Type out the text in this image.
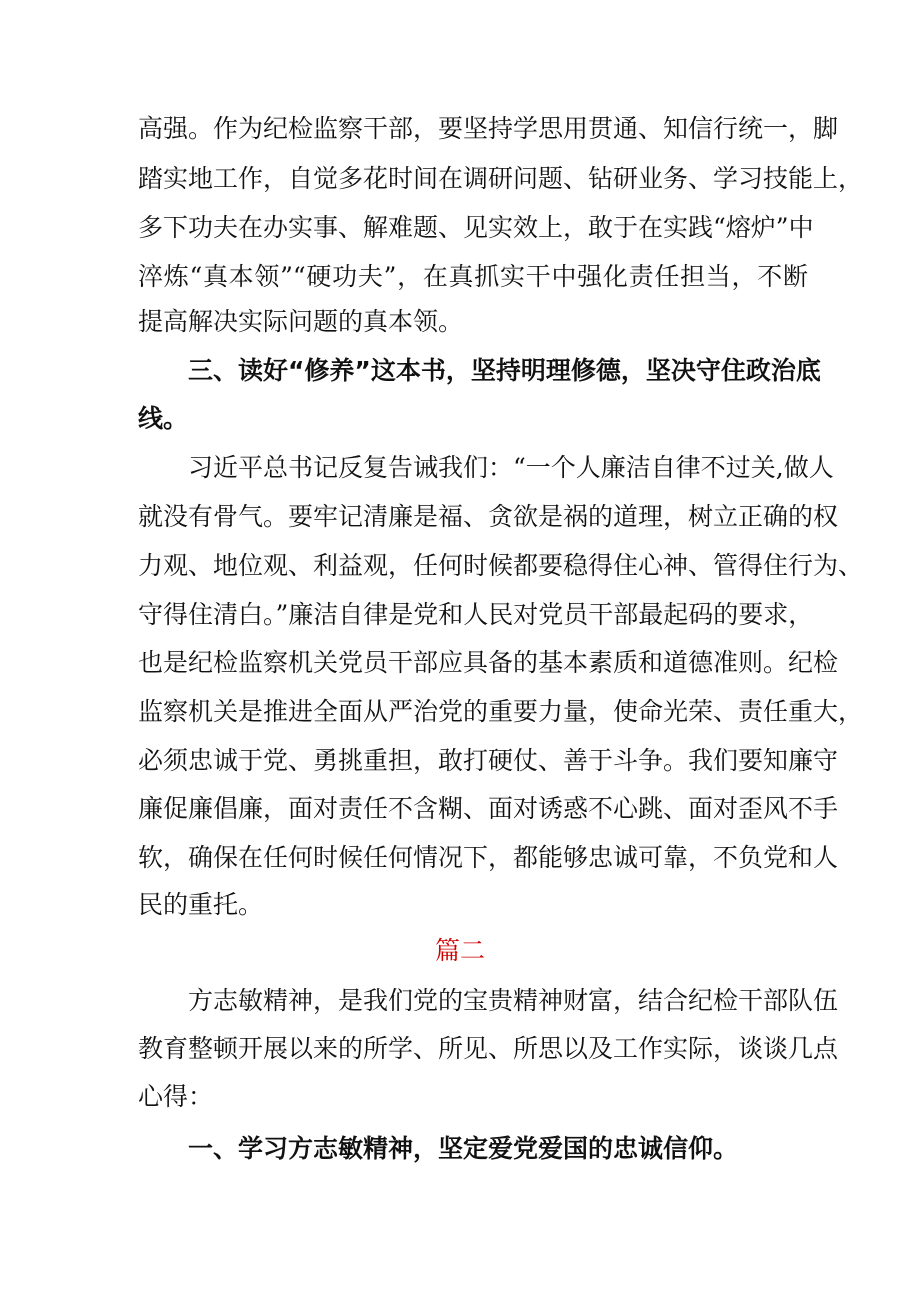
高强。作为纪检监察干部，要坚持学思用贯通、知信行统一，脚
踏实地工作，自觉多花时间在调研问题、钻研业务、学习技能上，
多下功夫在办实事、解难题、见实效上，敢于在实践“熔炉”中
淬炼“真本领”“硬功夫”，在真抓实干中强化责任担当，不断
提高解决实际问题的真本领。
三、读好“修养”这本书，坚持明理修德，坚决守住政治底
线。
习近平总书记反复告诫我们：“一个人廉洁自律不过关,做人
就没有骨气。要牢记清廉是福、贪欲是祸的道理，树立正确的权
力观、地位观、利益观，任何时候都要稳得住心神、管得住行为、
守得住清白。”廉洁自律是党和人民对党员干部最起码的要求，
也是纪检监察机关党员干部应具备的基本素质和道德准则。纪检
监察机关是推进全面从严治党的重要力量，使命光荣、责任重大，
必须忠诚于党、勇挑重担，敢打硬仗、善于斗争。我们要知廉守
廉促廉倡廉，面对责任不含糊、面对诱惑不心跳、面对歪风不手
软，确保在任何时候任何情况下，都能够忠诚可靠，不负党和人
民的重托。
篇二
方志敏精神，是我们党的宝贵精神财富，结合纪检干部队伍
教育整顿开展以来的所学、所见、所思以及工作实际，谈谈几点
心得：
一、学习方志敏精神，坚定爱党爱国的忠诚信仰。
